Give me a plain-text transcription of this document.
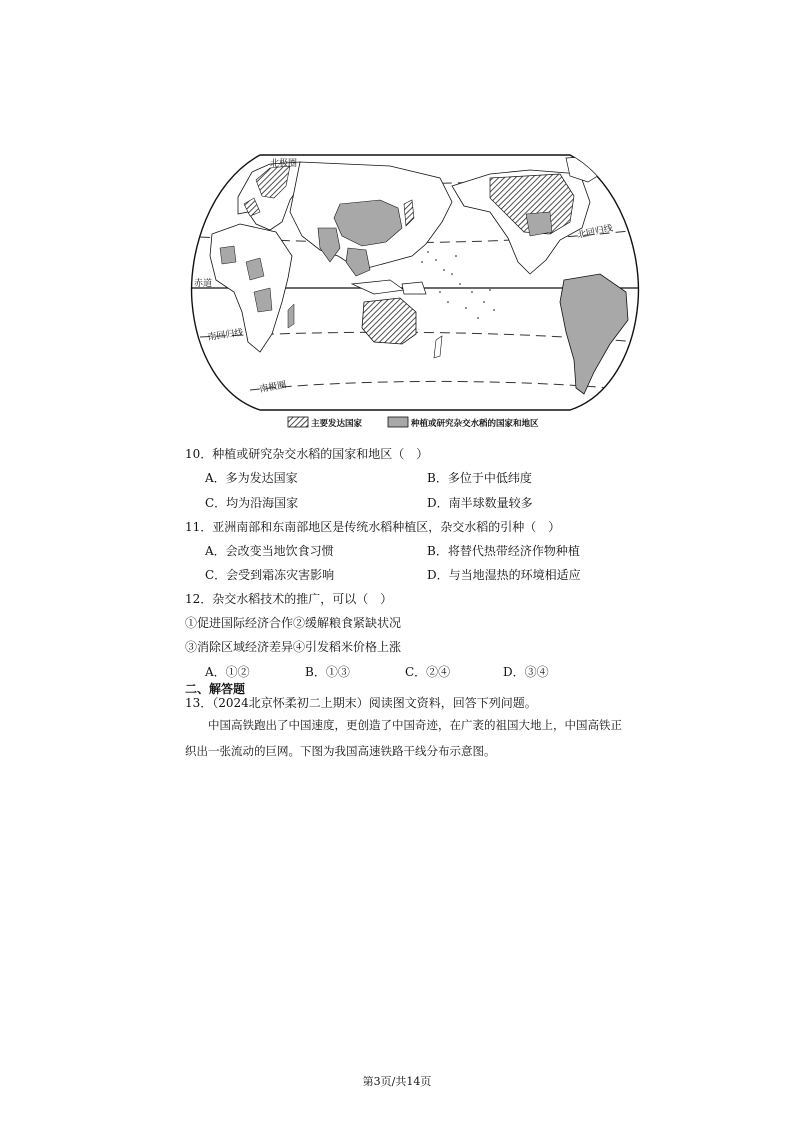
北极圈
北回归线
赤道
南回归线
南极圈
主要发达国家	种植或研究杂交水稻的国家和地区
10．种植或研究杂交水稻的国家和地区（　）
A．多为发达国家	B．多位于中低纬度
C．均为沿海国家	D．南半球数量较多
11．亚洲南部和东南部地区是传统水稻种植区，杂交水稻的引种（　）
A．会改变当地饮食习惯	B．将替代热带经济作物种植
C．会受到霜冻灾害影响	D．与当地湿热的环境相适应
12．杂交水稻技术的推广，可以（　）
①促进国际经济合作②缓解粮食紧缺状况
③消除区域经济差异④引发稻米价格上涨
A．①②	B．①③	C．②④	D．③④
二、解答题
13．（2024北京怀柔初二上期末）阅读图文资料，回答下列问题。
　　中国高铁跑出了中国速度，更创造了中国奇迹，在广袤的祖国大地上，中国高铁正织出一张流动的巨网。下图为我国高速铁路干线分布示意图。
第3页/共14页
